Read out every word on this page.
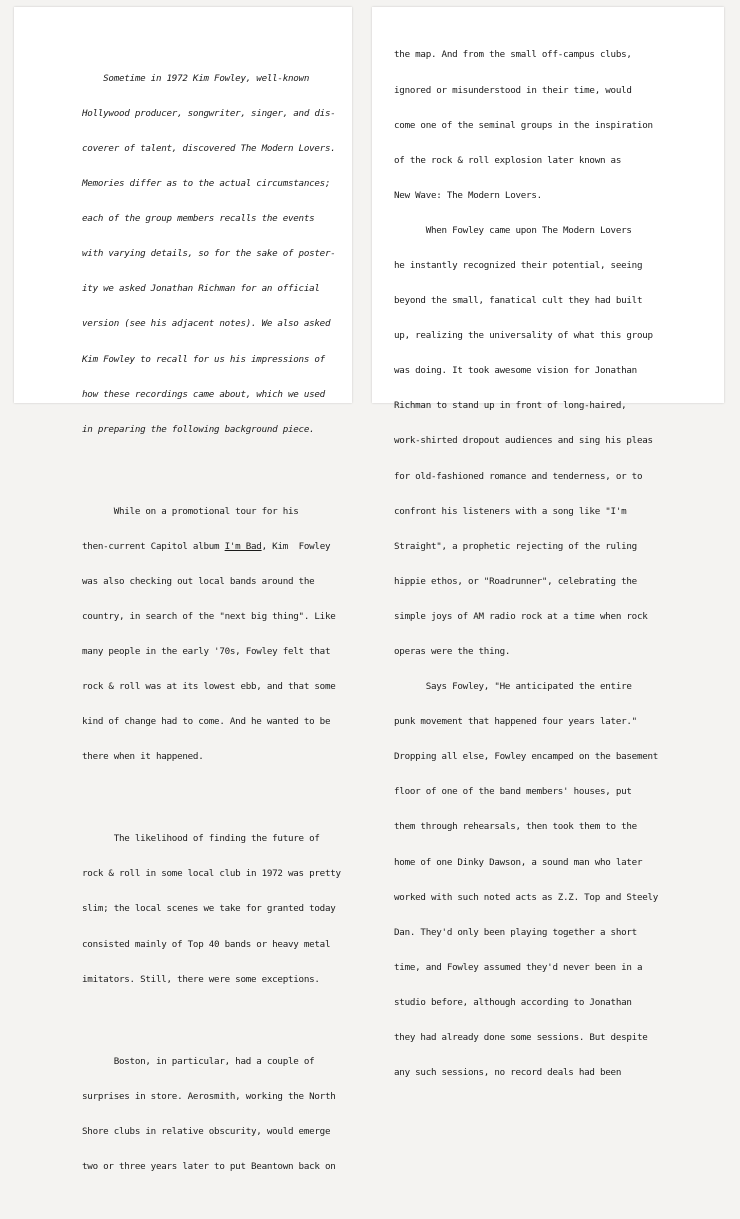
Sometime in 1972 Kim Fowley, well-known

Hollywood producer, songwriter, singer, and dis-

coverer of talent, discovered The Modern Lovers.

Memories differ as to the actual circumstances;

each of the group members recalls the events

with varying details, so for the sake of poster-

ity we asked Jonathan Richman for an official

version (see his adjacent notes). We also asked

Kim Fowley to recall for us his impressions of

how these recordings came about, which we used

in preparing the following background piece.

While on a promotional tour for his

then-current Capitol album I'm Bad, Kim  Fowley

was also checking out local bands around the

country, in search of the "next big thing". Like

many people in the early '70s, Fowley felt that

rock & roll was at its lowest ebb, and that some

kind of change had to come. And he wanted to be

there when it happened.

The likelihood of finding the future of

rock & roll in some local club in 1972 was pretty

slim; the local scenes we take for granted today

consisted mainly of Top 40 bands or heavy metal

imitators. Still, there were some exceptions.

Boston, in particular, had a couple of

surprises in store. Aerosmith, working the North

Shore clubs in relative obscurity, would emerge

two or three years later to put Beantown back on

the map. And from the small off-campus clubs,

ignored or misunderstood in their time, would

come one of the seminal groups in the inspiration

of the rock & roll explosion later known as

New Wave: The Modern Lovers.

When Fowley came upon The Modern Lovers

he instantly recognized their potential, seeing

beyond the small, fanatical cult they had built

up, realizing the universality of what this group

was doing. It took awesome vision for Jonathan

Richman to stand up in front of long-haired,

work-shirted dropout audiences and sing his pleas

for old-fashioned romance and tenderness, or to

confront his listeners with a song like "I'm

Straight", a prophetic rejecting of the ruling

hippie ethos, or "Roadrunner", celebrating the

simple joys of AM radio rock at a time when rock

operas were the thing.

Says Fowley, "He anticipated the entire

punk movement that happened four years later."

Dropping all else, Fowley encamped on the basement

floor of one of the band members' houses, put

them through rehearsals, then took them to the

home of one Dinky Dawson, a sound man who later

worked with such noted acts as Z.Z. Top and Steely

Dan. They'd only been playing together a short

time, and Fowley assumed they'd never been in a

studio before, although according to Jonathan

they had already done some sessions. But despite

any such sessions, no record deals had been
